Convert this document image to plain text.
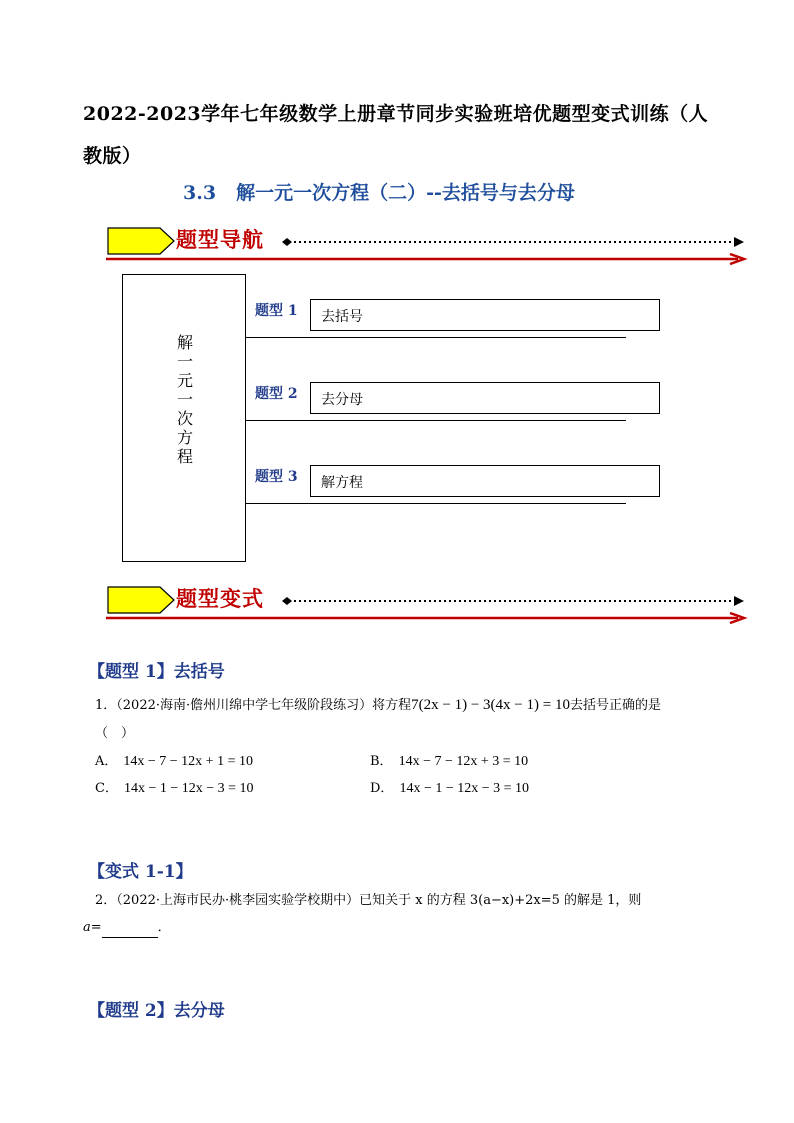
2022-2023学年七年级数学上册章节同步实验班培优题型变式训练（人教版）
3.3 解一元一次方程（二）--去括号与去分母
题型导航
解
一
元
一
次
方
程
题型 1	去括号
题型 2	去分母
题型 3	解方程
题型变式
【题型 1】去括号
1．（2022·海南·儋州川绵中学七年级阶段练习）将方程7(2x − 1) − 3(4x − 1) = 10去括号正确的是
（　）
A． 14x − 7 − 12x + 1 = 10	B． 14x − 7 − 12x + 3 = 10
C． 14x − 1 − 12x − 3 = 10	D． 14x − 1 − 12x − 3 = 10
【变式 1-1】
2．（2022·上海市民办·桃李园实验学校期中）已知关于 x 的方程 3(a−x)+2x=5 的解是 1，则
a=	．
【题型 2】去分母
